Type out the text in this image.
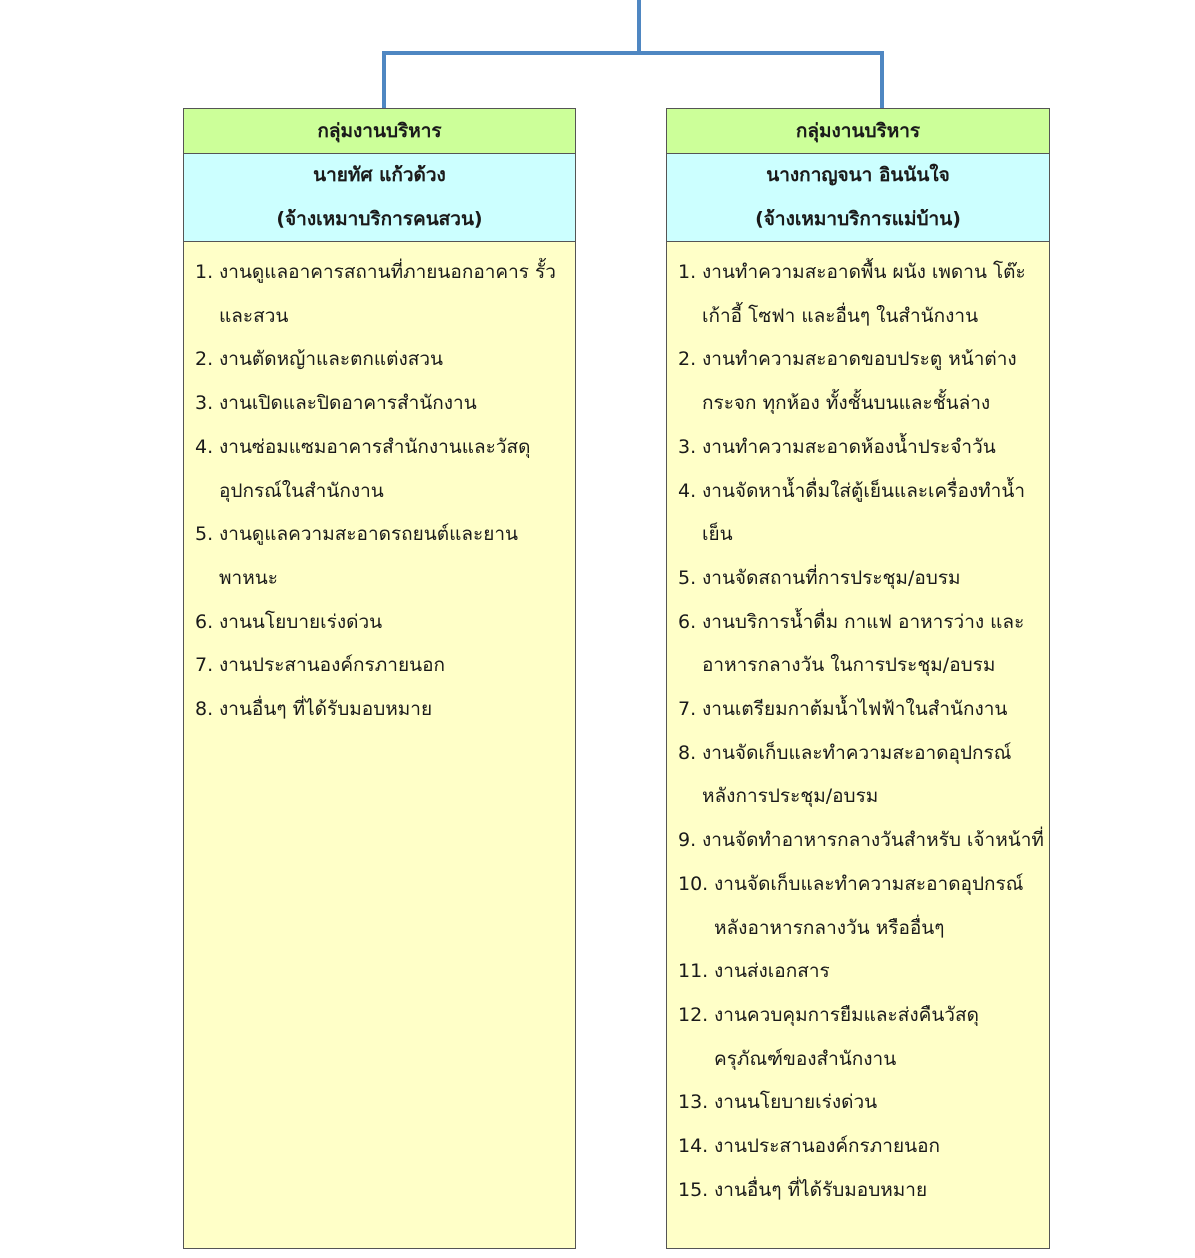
กลุ่มงานบริหาร
นายทัศ แก้วด้วง
(จ้างเหมาบริการคนสวน)
1. งานดูแลอาคารสถานที่ภายนอกอาคาร รั้ว และสวน
2. งานตัดหญ้าและตกแต่งสวน
3. งานเปิดและปิดอาคารสำนักงาน
4. งานซ่อมแซมอาคารสำนักงานและวัสดุอุปกรณ์ในสำนักงาน
5. งานดูแลความสะอาดรถยนต์และยานพาหนะ
6. งานนโยบายเร่งด่วน
7. งานประสานองค์กรภายนอก
8. งานอื่นๆ ที่ได้รับมอบหมาย
กลุ่มงานบริหาร
นางกาญจนา อินนันใจ
(จ้างเหมาบริการแม่บ้าน)
1. งานทำความสะอาดพื้น ผนัง เพดาน โต๊ะ เก้าอี้ โซฟา และอื่นๆ ในสำนักงาน
2. งานทำความสะอาดขอบประตู หน้าต่าง กระจก ทุกห้อง ทั้งชั้นบนและชั้นล่าง
3. งานทำความสะอาดห้องน้ำประจำวัน
4. งานจัดหาน้ำดื่มใส่ตู้เย็นและเครื่องทำน้ำเย็น
5. งานจัดสถานที่การประชุม/อบรม
6. งานบริการน้ำดื่ม กาแฟ อาหารว่าง และ อาหารกลางวัน ในการประชุม/อบรม
7. งานเตรียมกาต้มน้ำไฟฟ้าในสำนักงาน
8. งานจัดเก็บและทำความสะอาดอุปกรณ์ หลังการประชุม/อบรม
9. งานจัดทำอาหารกลางวันสำหรับ เจ้าหน้าที่
10. งานจัดเก็บและทำความสะอาดอุปกรณ์ หลังอาหารกลางวัน หรืออื่นๆ
11. งานส่งเอกสาร
12. งานควบคุมการยืมและส่งคืนวัสดุ ครุภัณฑ์ของสำนักงาน
13. งานนโยบายเร่งด่วน
14. งานประสานองค์กรภายนอก
15. งานอื่นๆ ที่ได้รับมอบหมาย
